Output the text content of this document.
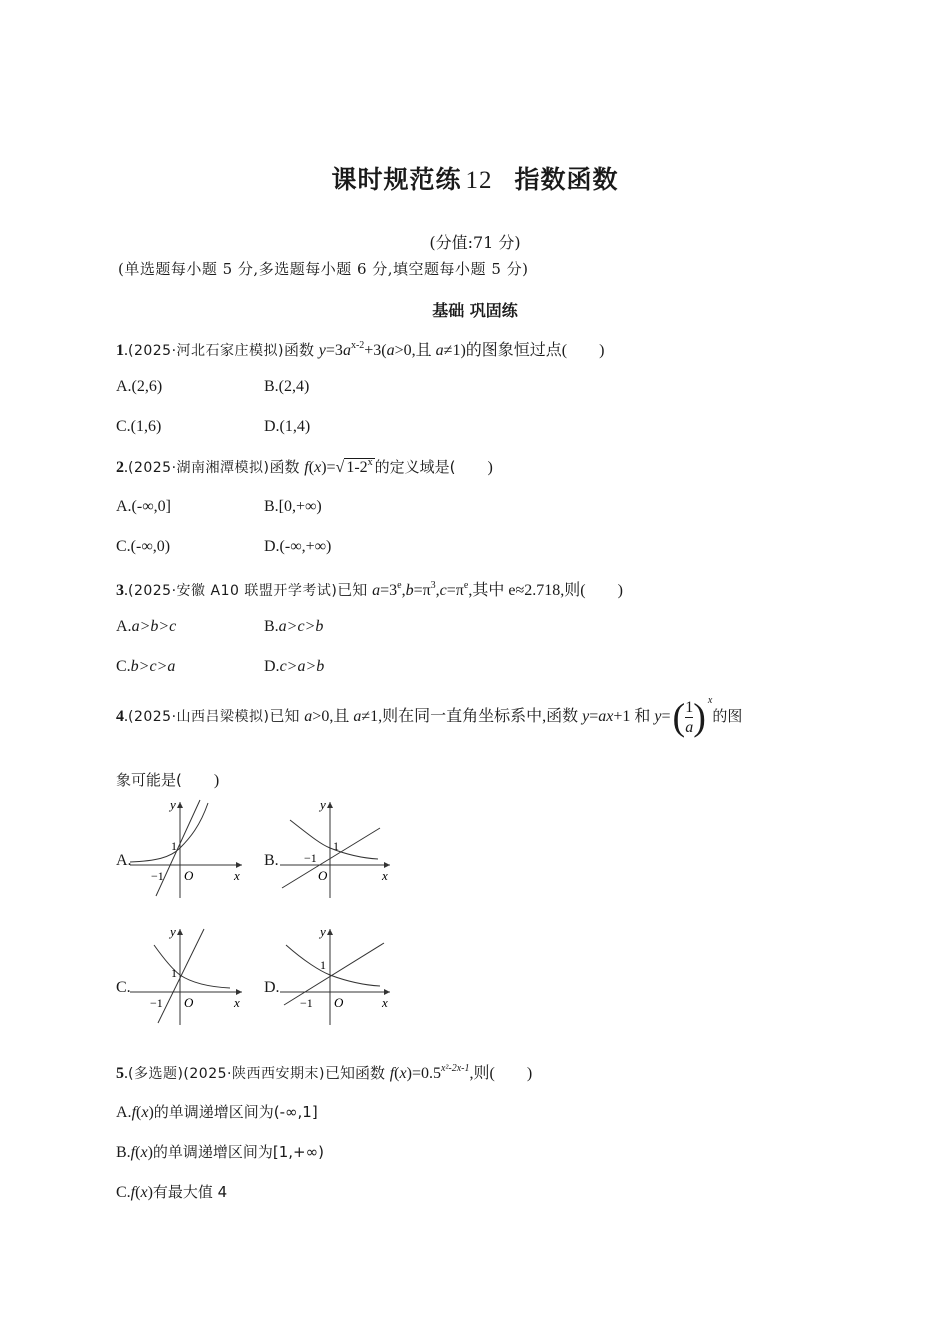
课时规范练 12 指数函数
(分值:71 分)
(单选题每小题 5 分,多选题每小题 6 分,填空题每小题 5 分)
基础 巩固练
1.(2025·河北石家庄模拟)函数 $y=3a^{x-2}+3(a>0$,且 a≠1)的图象恒过点( )
A.(2,6)	B.(2,4)
C.(1,6)	D.(1,4)
2.(2025·湖南湘潭模拟)函数 f(x)=√ 1-2$^x$ 的定义域是( )
A.(-∞,0]	B.[0,+∞)
C.(-∞,0)	D.(-∞,+∞)
3.(2025·安徽 A10 联盟开学考试)已知 $a=3^e,b=\pi^3,c=\pi^e$,其中 e≈2.718,则( )
A.a>b>c	B.a>c>b
C.b>c>a	D.c>a>b
4.(2025·山西吕梁模拟)已知 a>0,且 a≠1,则在同一直角坐标系中,函数 y=ax+1 和 $y=( \frac{1}{a}$ ) $^x$的图
象可能是( )
A.	B.
C.	D.
y
x
O
1
−1
y
x
O
1
−1
y
x
O
1
−1
y
x
O
1
−1
5.(多选题)(2025·陕西西安期末)已知函数 $f(x)=0.5^{x^2-2x-1}$,则( )
A.f(x)的单调递增区间为(-∞,1]
B.f(x)的单调递增区间为[1,+∞)
C.f(x)有最大值 4
